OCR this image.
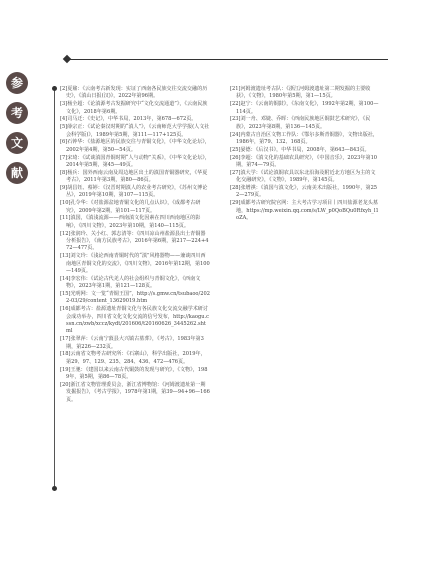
参
考
文
献

[2]夏鼐：《云南考古新发现：实证了西南各民族交往交流交融的历史》，《滇山日报(汉)》，2022年第96期。

[3]杨全超：《论滇源考古发掘研究中“文化交流通道”》，《云南民族文化》，2018年第6期。

[4]司马迁：《史记》，中华书局，2013年，第678—672页。

[5]薛宗正：《试论秦汉时期的“滇人”》，《云南师范大学学报(人文社会科学版)》，1989年第5期，第111—117+125页。

[6]石钟华：《盐源地区的民族交往与青铜文化》，《中华文化论坛》，2002年第4期，第50—54页。

[7]宋琦：《试谈滇国青铜时期“人与动物”关系》，《中华文化论坛》，2014年第5期，第45—49页。

[8]杨兵：国外西南云南及周边地区出土的滇国青铜器研究，《华夏考古》，2011年第3期，第80—86页。

[9]胡昌钰、蔡婷：《汉晋时期滇人的农业考古研究》，《苏州文博论丛》，2019年第10期，第107—115页。

[10]孔令华：《对盐源盆地青铜文化的几点认识》，《成都考古研究》，2009年第2期，第101—117页。

[11]滇国，《滇浅流源——西南滇文化因素在四川西南地区的影响》，《四川文物》，2023年第10期，第140—115页。

[12]张润玲、关小红、郭志清等：《四川凉山州盐源县出土青铜器分析报告》，《南方民族考古》，2016年第6期，第217—224+472—477页。

[13]刘文玲：《浅论西南青铜时代的“滇”风格器物——兼谈四川西南地区青铜文化的交流》，《四川文物》，2016年第12期，第100—149页。

[14]李宏伟：《试论古代羌人的社会组织与青铜文化》，《西南文物》，2023年第1期，第121—128页。

[15]光明网：文一览“青铜王国”，http://s.gmw.cn/tsubaoo/2022-03/29/content_13629019.htm

[16]成都考古：盐源遗址青铜文化与各民族文化交流交融学术研讨会成功举办，四川省文化文化交流的信号发布，http://kaogu.cssn.cn/zwb/xccz/kydt/201606/t20160626_3445262.shtml

[17]张翠萍：《云南宁蒗县大兴镇古墓葬》，《考古》，1983年第3期，第226—232页。

[18]云南省文物考古研究所：《石寨山》，科学出版社，2019年，第29、97、129、235、284、436、472—476页。

[19]王驰：《建国以来云南古代铜鼓的发现与研究》，《文物》，1989年，第5期，第86—78页。

[20]浙江省文物管理委员会，浙江省博物馆：《河姆渡遗址第一期发掘报告》，《考古学报》，1978年第1期，第39—94+96—166页。

[21]河姆渡遗址考古队：《浙江河姆渡遗址第二期发掘的主要收获》，《文物》，1980年第5期，第1—15页。

[22]赵宁：《云南的铜鼓》，《东南文化》，1992年第2期，第100—114页。

[23]刘一舟、邓婕、乔晖：《西南民族地区铜鼓艺术研究》，《民族》，2023年第8期，第136—145页。

[24]内蒙古自治区文物工作队：《鄂尔多斯青铜器》，文物出版社，1986年，第79、132、168页。

[25]晏德：《后汉书》，中华书局，2008年，第643—843页。

[26]李超：《滇文化的基础农具研究》，《中国音乐》，2023年第10期，第74—79页。

[27]滇大学：《试论滇铜农具以东北沿海及附近北方地区为主的文化交融研究》，《文物》，1989年，第145页。

[28]张增祺：《滇国与滇文化》，云南美术出版社，1990年，第252—279页。

[29]成都考古研究院官网：主大考古学习项目丨四川盐源老龙头墓地，https://mp.weixin.qq.com/s/LW_p0QoBQu0Rfxyh_l1oZA。
